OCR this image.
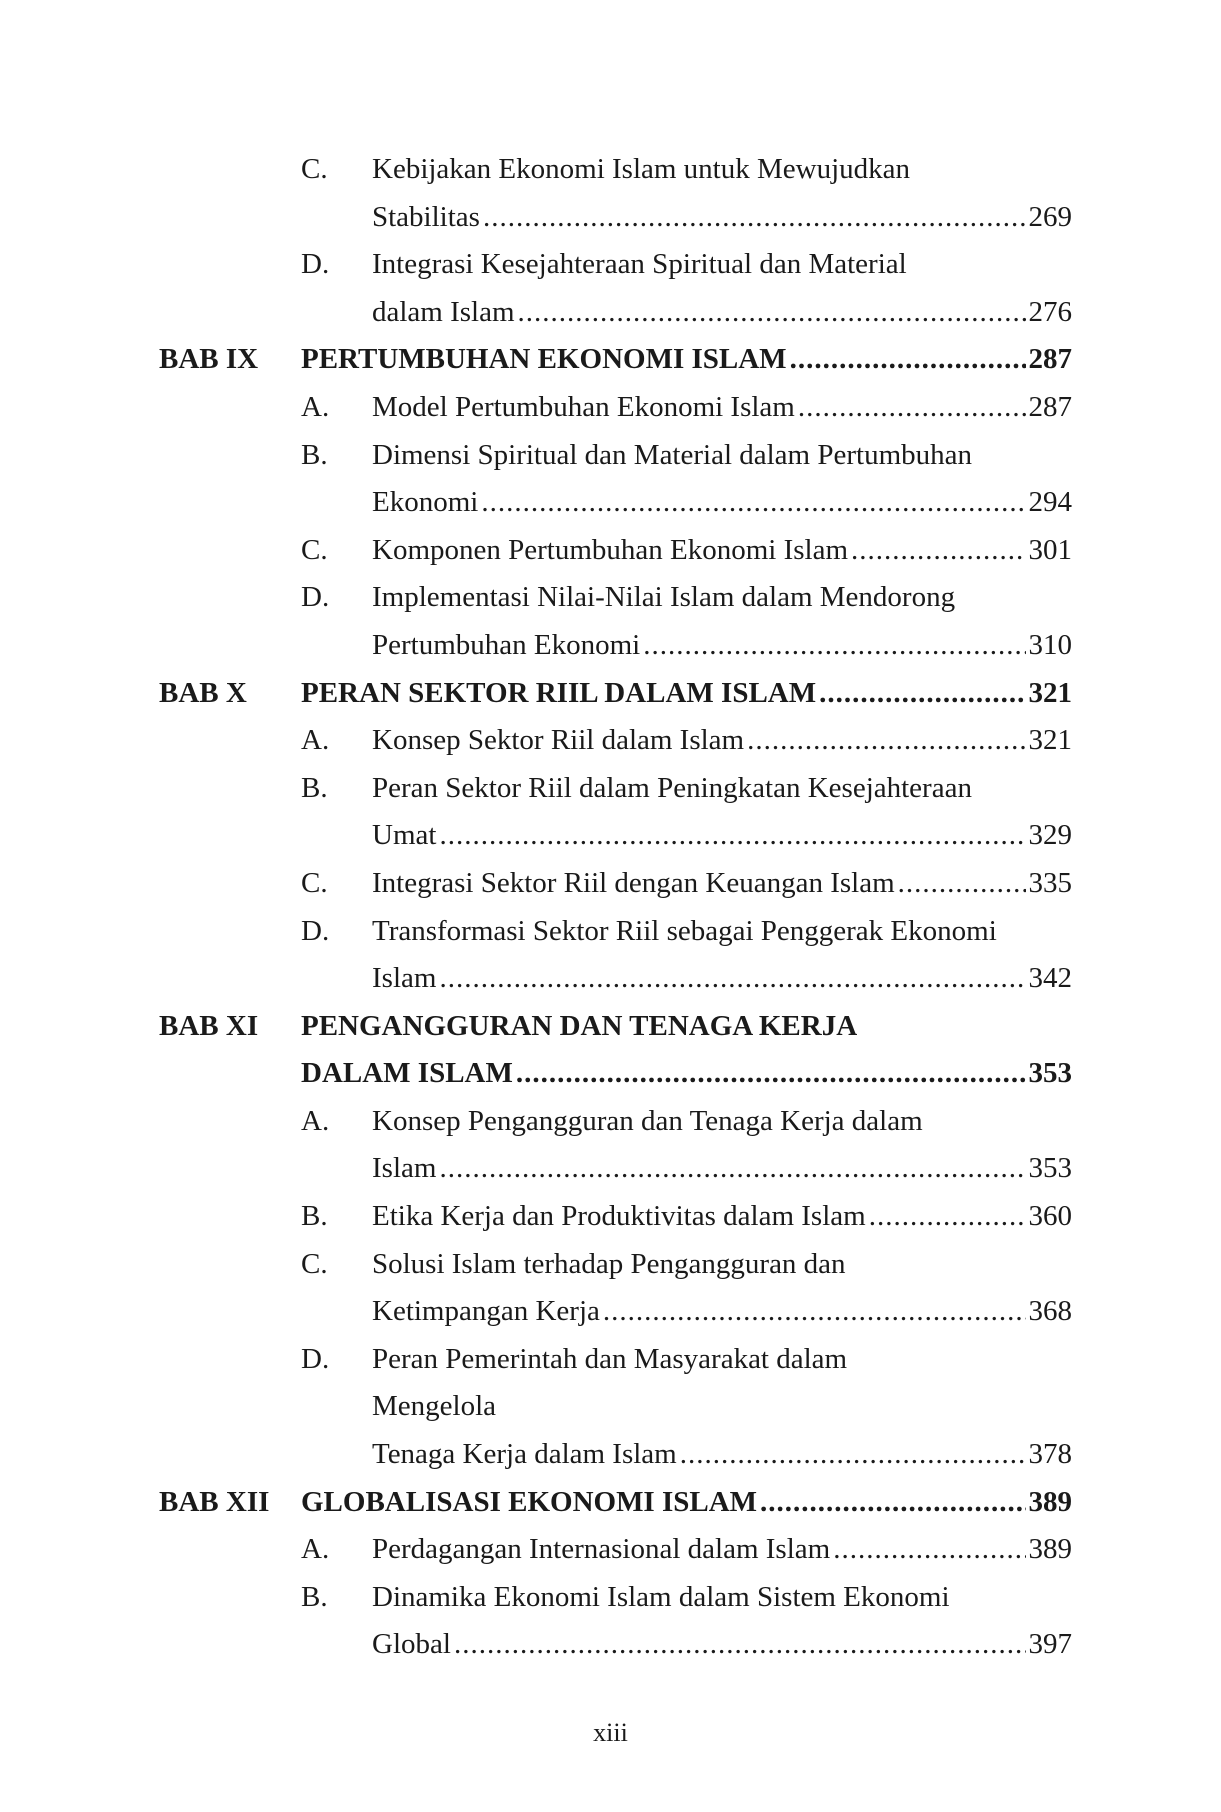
C. Kebijakan Ekonomi Islam untuk Mewujudkan
Stabilitas .....	269
D. Integrasi Kesejahteraan Spiritual dan Material
dalam Islam .....	276
BAB IX PERTUMBUHAN EKONOMI ISLAM .....	287
A. Model Pertumbuhan Ekonomi Islam .....	287
B. Dimensi Spiritual dan Material dalam Pertumbuhan
Ekonomi .....	294
C. Komponen Pertumbuhan Ekonomi Islam .....	301
D. Implementasi Nilai-Nilai Islam dalam Mendorong
Pertumbuhan Ekonomi .....	310
BAB X PERAN SEKTOR RIIL DALAM ISLAM .....	321
A. Konsep Sektor Riil dalam Islam .....	321
B. Peran Sektor Riil dalam Peningkatan Kesejahteraan
Umat .....	329
C. Integrasi Sektor Riil dengan Keuangan Islam .....	335
D. Transformasi Sektor Riil sebagai Penggerak Ekonomi
Islam .....	342
BAB XI PENGANGGURAN DAN TENAGA KERJA
DALAM ISLAM .....	353
A. Konsep Pengangguran dan Tenaga Kerja dalam
Islam .....	353
B. Etika Kerja dan Produktivitas dalam Islam .....	360
C. Solusi Islam terhadap Pengangguran dan
Ketimpangan Kerja .....	368
D. Peran Pemerintah dan Masyarakat dalam
Mengelola
Tenaga Kerja dalam Islam .....	378
BAB XII GLOBALISASI EKONOMI ISLAM .....	389
A. Perdagangan Internasional dalam Islam .....	389
B. Dinamika Ekonomi Islam dalam Sistem Ekonomi
Global .....	397
xiii
